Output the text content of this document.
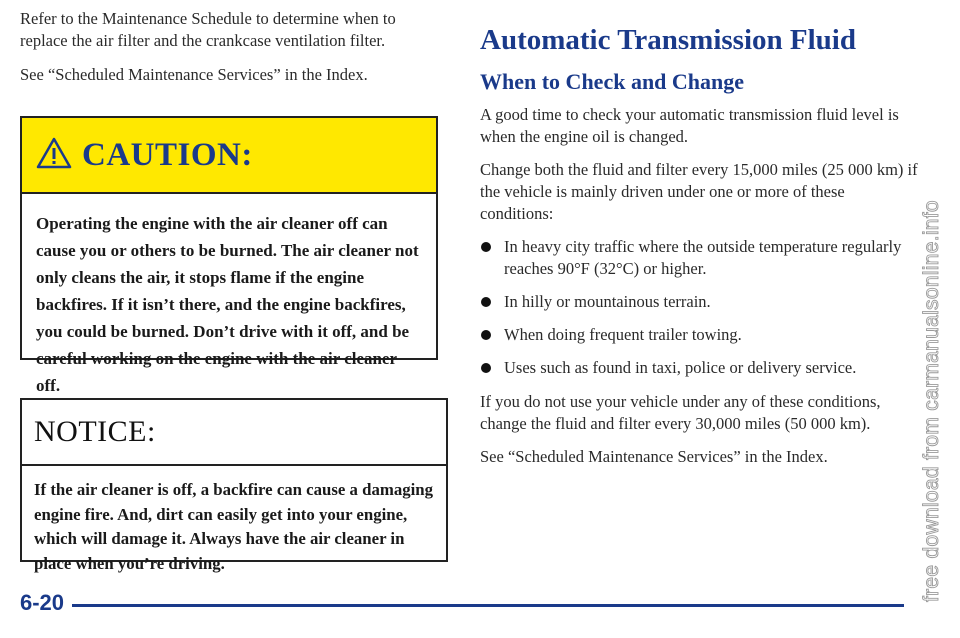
Refer to the Maintenance Schedule to determine when to replace the air filter and the crankcase ventilation filter.

See “Scheduled Maintenance Services” in the Index.

CAUTION:
Operating the engine with the air cleaner off can cause you or others to be burned. The air cleaner not only cleans the air, it stops flame if the engine backfires. If it isn’t there, and the engine backfires, you could be burned. Don’t drive with it off, and be careful working on the engine with the air cleaner off.
NOTICE:
If the air cleaner is off, a backfire can cause a damaging engine fire. And, dirt can easily get into your engine, which will damage it. Always have the air cleaner in place when you’re driving.
Automatic Transmission Fluid
When to Check and Change

A good time to check your automatic transmission fluid level is when the engine oil is changed.

Change both the fluid and filter every 15,000 miles (25 000 km) if the vehicle is mainly driven under one or more of these conditions:

In heavy city traffic where the outside temperature regularly reaches 90°F (32°C) or higher.
In hilly or mountainous terrain.
When doing frequent trailer towing.
Uses such as found in taxi, police or delivery service.

If you do not use your vehicle under any of these conditions, change the fluid and filter every 30,000 miles (50 000 km).

See “Scheduled Maintenance Services” in the Index.

6-20
free download from carmanualsonline.info
